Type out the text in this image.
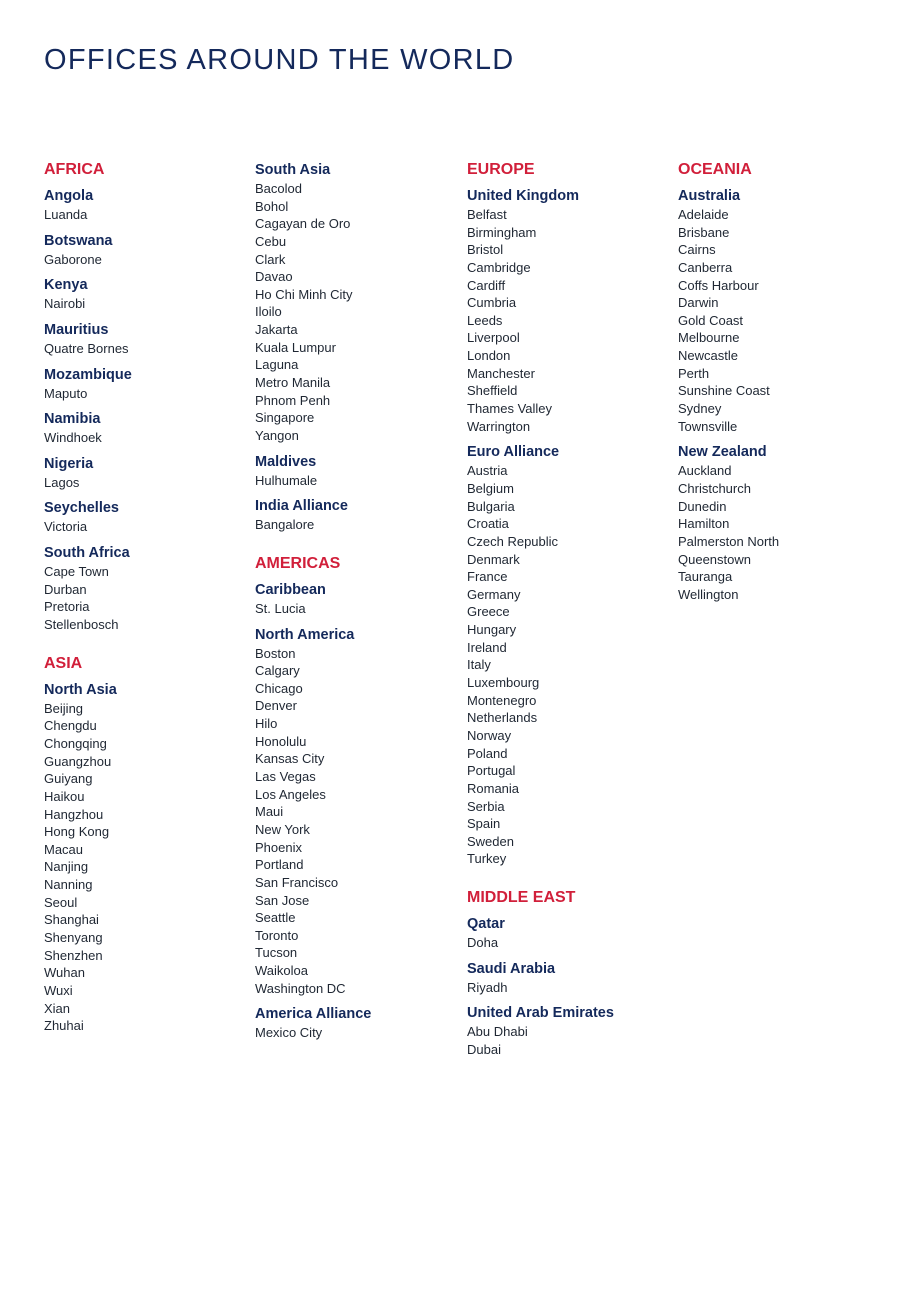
OFFICES AROUND THE WORLD
AFRICA
Angola
Luanda
Botswana
Gaborone
Kenya
Nairobi
Mauritius
Quatre Bornes
Mozambique
Maputo
Namibia
Windhoek
Nigeria
Lagos
Seychelles
Victoria
South Africa
Cape Town
Durban
Pretoria
Stellenbosch
ASIA
North Asia
Beijing
Chengdu
Chongqing
Guangzhou
Guiyang
Haikou
Hangzhou
Hong Kong
Macau
Nanjing
Nanning
Seoul
Shanghai
Shenyang
Shenzhen
Wuhan
Wuxi
Xian
Zhuhai
South Asia
Bacolod
Bohol
Cagayan de Oro
Cebu
Clark
Davao
Ho Chi Minh City
Iloilo
Jakarta
Kuala Lumpur
Laguna
Metro Manila
Phnom Penh
Singapore
Yangon
Maldives
Hulhumale
India Alliance
Bangalore
AMERICAS
Caribbean
St. Lucia
North America
Boston
Calgary
Chicago
Denver
Hilo
Honolulu
Kansas City
Las Vegas
Los Angeles
Maui
New York
Phoenix
Portland
San Francisco
San Jose
Seattle
Toronto
Tucson
Waikoloa
Washington DC
America Alliance
Mexico City
EUROPE
United Kingdom
Belfast
Birmingham
Bristol
Cambridge
Cardiff
Cumbria
Leeds
Liverpool
London
Manchester
Sheffield
Thames Valley
Warrington
Euro Alliance
Austria
Belgium
Bulgaria
Croatia
Czech Republic
Denmark
France
Germany
Greece
Hungary
Ireland
Italy
Luxembourg
Montenegro
Netherlands
Norway
Poland
Portugal
Romania
Serbia
Spain
Sweden
Turkey
MIDDLE EAST
Qatar
Doha
Saudi Arabia
Riyadh
United Arab Emirates
Abu Dhabi
Dubai
OCEANIA
Australia
Adelaide
Brisbane
Cairns
Canberra
Coffs Harbour
Darwin
Gold Coast
Melbourne
Newcastle
Perth
Sunshine Coast
Sydney
Townsville
New Zealand
Auckland
Christchurch
Dunedin
Hamilton
Palmerston North
Queenstown
Tauranga
Wellington
